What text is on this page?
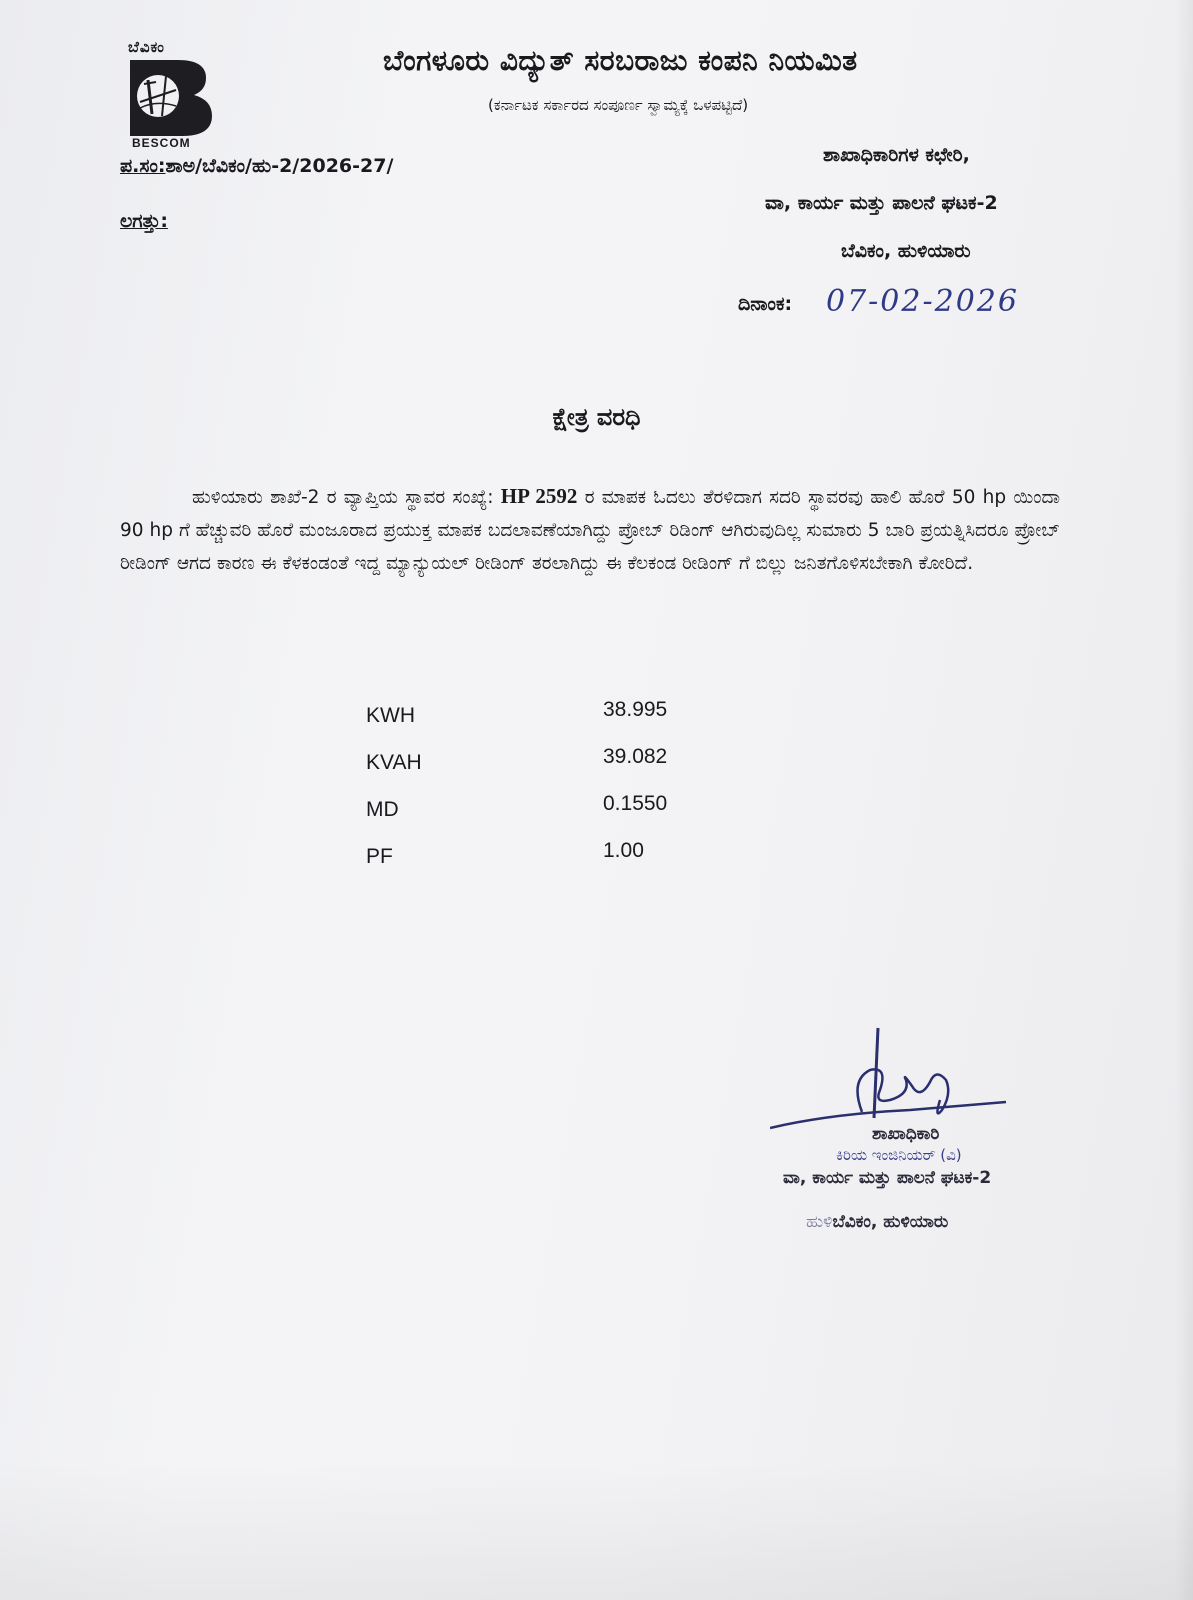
ಬೆವಿಕಂ
BESCOM
ಬೆಂಗಳೂರು ವಿದ್ಯುತ್ ಸರಬರಾಜು ಕಂಪನಿ ನಿಯಮಿತ
(ಕರ್ನಾಟಕ ಸರ್ಕಾರದ ಸಂಪೂರ್ಣ ಸ್ವಾಮ್ಯಕ್ಕೆ ಒಳಪಟ್ಟಿದೆ)
ಪ.ಸಂ:ಶಾಅ/ಬೆವಿಕಂ/ಹು-2/2026-27/
ಲಗತ್ತು:
ಶಾಖಾಧಿಕಾರಿಗಳ ಕಛೇರಿ,
ವಾ, ಕಾರ್ಯ ಮತ್ತು ಪಾಲನೆ ಘಟಕ-2
ಬೆವಿಕಂ, ಹುಳಿಯಾರು
ದಿನಾಂಕ: 07-02-2026
ಕ್ಷೇತ್ರ ವರಧಿ
ಹುಳಿಯಾರು ಶಾಖೆ-2 ರ ವ್ಯಾಪ್ತಿಯ ಸ್ಥಾವರ ಸಂಖ್ಯೆ: HP 2592 ರ ಮಾಪಕ ಓದಲು ತೆರಳಿದಾಗ ಸದರಿ ಸ್ಥಾವರವು ಹಾಲಿ ಹೊರೆ 50 hp ಯಿಂದಾ 90 hp ಗೆ ಹೆಚ್ಚುವರಿ ಹೊರೆ ಮಂಜೂರಾದ ಪ್ರಯುಕ್ತ ಮಾಪಕ ಬದಲಾವಣೆಯಾಗಿದ್ದು ಪ್ರೋಬ್ ರಿಡಿಂಗ್ ಆಗಿರುವುದಿಲ್ಲ ಸುಮಾರು 5 ಬಾರಿ ಪ್ರಯತ್ನಿಸಿದರೂ ಪ್ರೋಬ್ ರೀಡಿಂಗ್ ಆಗದ ಕಾರಣ ಈ ಕೆಳಕಂಡಂತೆ ಇದ್ದ ಮ್ಯಾನ್ಯುಯಲ್ ರೀಡಿಂಗ್ ತರಲಾಗಿದ್ದು ಈ ಕೆಲಕಂಡ ರೀಡಿಂಗ್ ಗೆ ಬಿಲ್ಲು ಜನಿತಗೊಳಿಸಬೇಕಾಗಿ ಕೋರಿದೆ.
KWH	38.995
KVAH	39.082
MD	0.1550
PF	1.00
ಶಾಖಾಧಿಕಾರಿ
ಕಿರಿಯ ಇಂಜಿನಿಯರ್ (ವಿ)
ವಾ, ಕಾರ್ಯ ಮತ್ತು ಪಾಲನೆ ಘಟಕ-2
ಹುಳಿಬೆವಿಕಂ, ಹುಳಿಯಾರು
